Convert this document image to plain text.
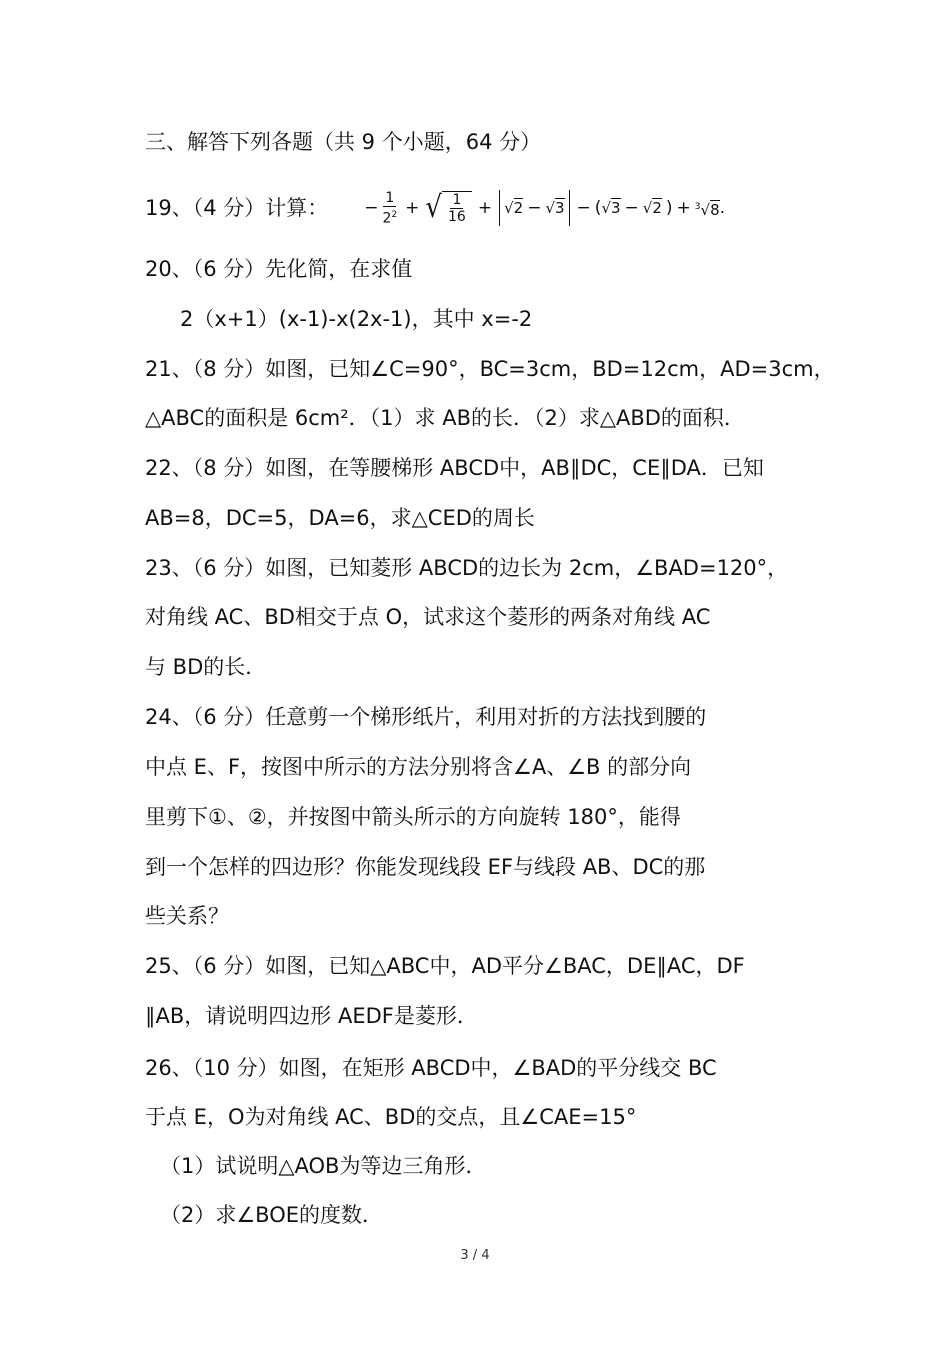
三、解答下列各题（共 9 个小题，64 分）
19、（4 分）计算： − $\frac{1}{2^2}$ + √ $\frac{1}{16} + √2 - √3$ − ( √3 − √2 ) + $^3$√8 .
20、（6 分）先化简，在求值
2（x+1）(x-1)-x(2x-1)，其中 x=-2
21、（8 分）如图，已知∠C=90°，BC=3cm，BD=12cm，AD=3cm，
△ABC的面积是 6cm²．（1）求 AB的长．（2）求△ABD的面积．
22、（8 分）如图，在等腰梯形 ABCD中，AB∥DC，CE∥DA．已知
AB=8，DC=5，DA=6，求△CED的周长
23、（6 分）如图，已知菱形 ABCD的边长为 2cm，∠BAD=120°，
对角线 AC、BD相交于点 O，试求这个菱形的两条对角线 AC
与 BD的长．
24、（6 分）任意剪一个梯形纸片，利用对折的方法找到腰的
中点 E、F，按图中所示的方法分别将含∠A、∠B 的部分向
里剪下①、②，并按图中箭头所示的方向旋转 180°，能得
到一个怎样的四边形？你能发现线段 EF与线段 AB、DC的那
些关系？
25、（6 分）如图，已知△ABC中，AD平分∠BAC，DE∥AC，DF
∥AB，请说明四边形 AEDF是菱形．
26、（10 分）如图，在矩形 ABCD中，∠BAD的平分线交 BC
于点 E，O为对角线 AC、BD的交点，且∠CAE=15°
（1）试说明△AOB为等边三角形．
（2）求∠BOE的度数．
3 / 4
